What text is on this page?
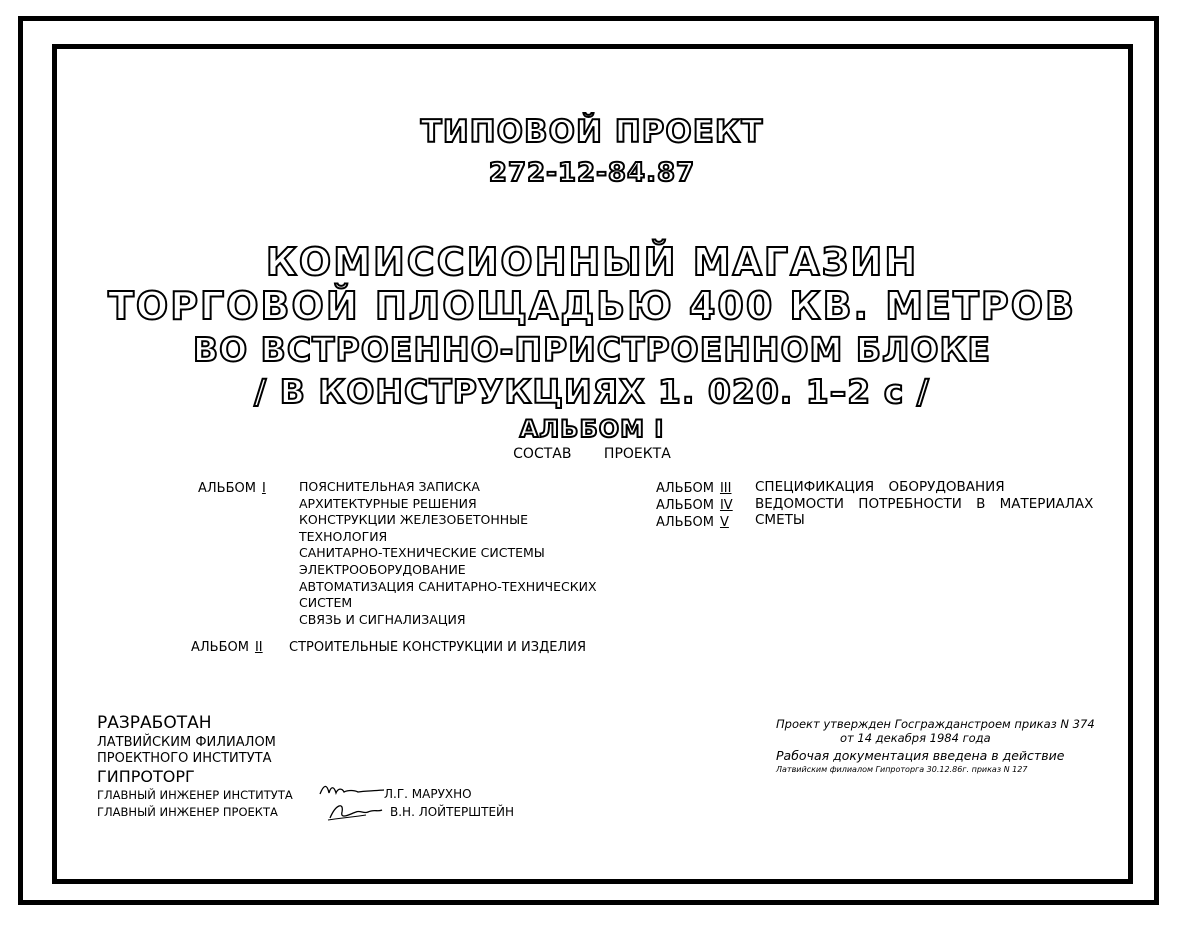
ТИПОВОЙ ПРОЕКТ
272-12-84.87
КОМИССИОННЫЙ МАГАЗИН
ТОРГОВОЙ ПЛОЩАДЬЮ 400 КВ. МЕТРОВ
ВО ВСТРОЕННО-ПРИСТРОЕННОМ БЛОКЕ
/ В КОНСТРУКЦИЯХ 1. 020. 1–2 с /
АЛЬБОМ I
СОСТАВ ПРОЕКТА
АЛЬБОМ I	ПОЯСНИТЕЛЬНАЯ ЗАПИСКА
АРХИТЕКТУРНЫЕ РЕШЕНИЯ
КОНСТРУКЦИИ ЖЕЛЕЗОБЕТОННЫЕ
ТЕХНОЛОГИЯ
САНИТАРНО-ТЕХНИЧЕСКИЕ СИСТЕМЫ
ЭЛЕКТРООБОРУДОВАНИЕ
АВТОМАТИЗАЦИЯ САНИТАРНО-ТЕХНИЧЕСКИХ
СИСТЕМ
СВЯЗЬ И СИГНАЛИЗАЦИЯ
АЛЬБОМ II СТРОИТЕЛЬНЫЕ КОНСТРУКЦИИ И ИЗДЕЛИЯ
АЛЬБОМ III
АЛЬБОМ IV
АЛЬБОМ V
СПЕЦИФИКАЦИЯ ОБОРУДОВАНИЯ
ВЕДОМОСТИ ПОТРЕБНОСТИ В МАТЕРИАЛАХ
СМЕТЫ
РАЗРАБОТАН
ЛАТВИЙСКИМ ФИЛИАЛОМ
ПРОЕКТНОГО ИНСТИТУТА
ГИПРОТОРГ
ГЛАВНЫЙ ИНЖЕНЕР ИНСТИТУТА
ГЛАВНЫЙ ИНЖЕНЕР ПРОЕКТА
Л.Г. МАРУХНО
В.Н. ЛОЙТЕРШТЕЙН
Проект утвержден Госгражданстроем приказ N 374
от 14 декабря 1984 года
Рабочая документация введена в действие
Латвийским филиалом Гипроторга 30.12.86г. приказ N 127
